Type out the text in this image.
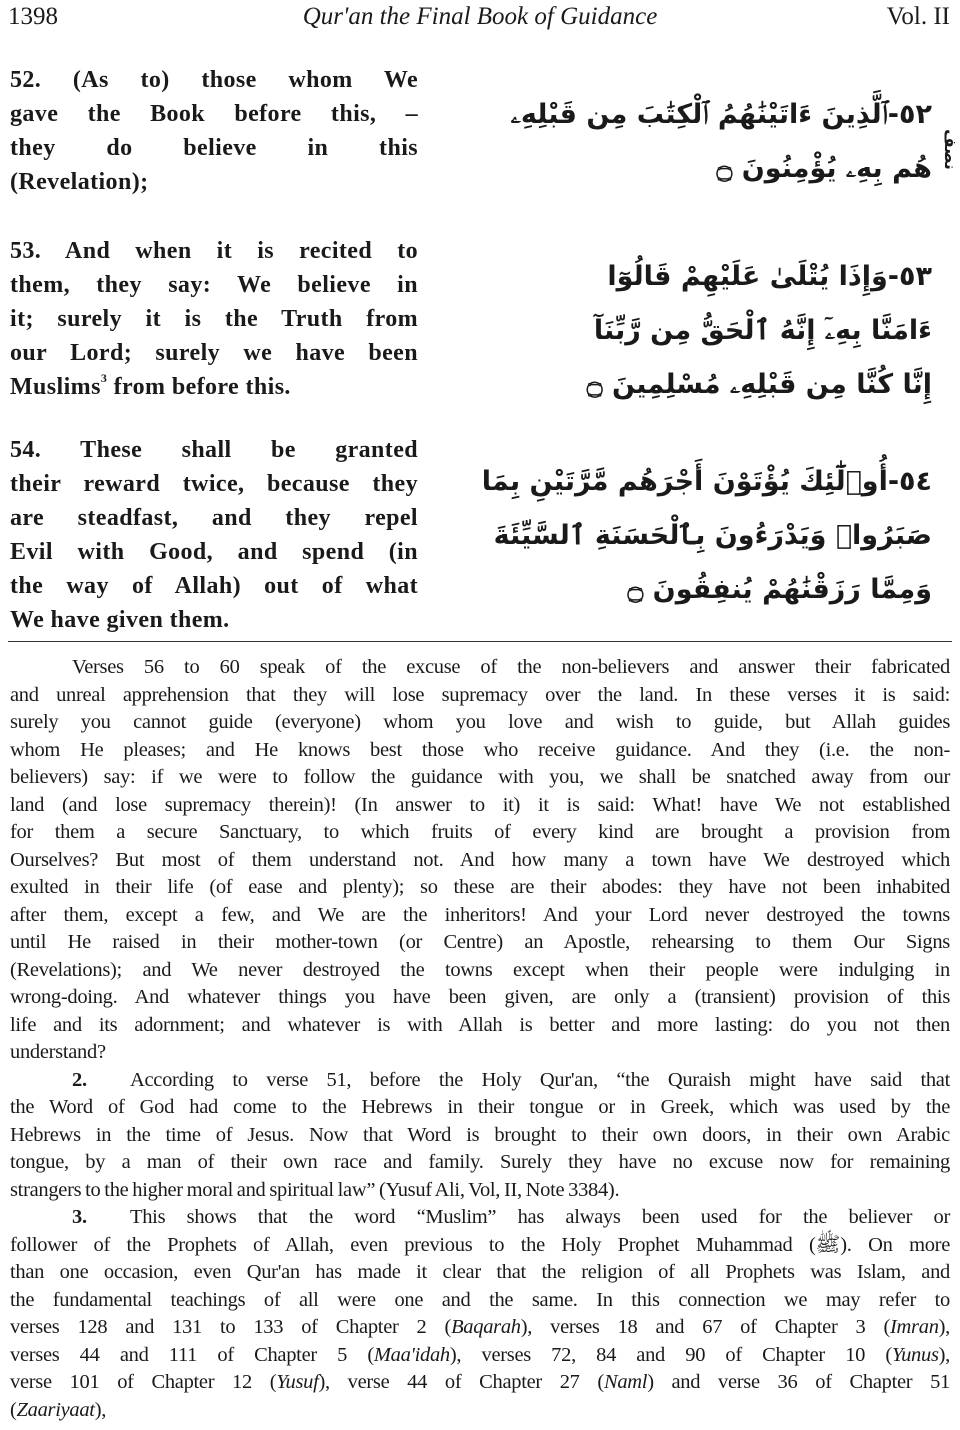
1398	Qur'an the Final Book of Guidance	Vol. II
52. (As to) those whom We
gave the Book before this, –
they do believe in this
(Revelation);
53. And when it is recited to
them, they say: We believe in
it; surely it is the Truth from
our Lord; surely we have been
Muslims$^3$ from before this.
54. These shall be granted
their reward twice, because they
are steadfast, and they repel
Evil with Good, and spend (in
the way of Allah) out of what
We have given them.
٥٢-ٱلَّذِينَ ءَاتَيْنَٰهُمُ ٱلْكِتَٰبَ مِن قَبْلِهِۦ
هُم بِهِۦ يُؤْمِنُونَ ۝
٥٣-وَإِذَا يُتْلَىٰ عَلَيْهِمْ قَالُوٓا
ءَامَنَّا بِهِۦٓ إِنَّهُ ٱلْحَقُّ مِن رَّبِّنَآ
إِنَّا كُنَّا مِن قَبْلِهِۦ مُسْلِمِينَ ۝
٥٤-أُو۟لَٰٓئِكَ يُؤْتَوْنَ أَجْرَهُم مَّرَّتَيْنِ بِمَا
صَبَرُوا۟ وَيَدْرَءُونَ بِٱلْحَسَنَةِ ٱلسَّيِّئَةَ
وَمِمَّا رَزَقْنَٰهُمْ يُنفِقُونَ ۝
نصف
Verses 56 to 60 speak of the excuse of the non-believers and answer their fabricated
and unreal apprehension that they will lose supremacy over the land. In these verses it is said:
surely you cannot guide (everyone) whom you love and wish to guide, but Allah guides
whom He pleases; and He knows best those who receive guidance. And they (i.e. the non-
believers) say: if we were to follow the guidance with you, we shall be snatched away from our
land (and lose supremacy therein)! (In answer to it) it is said: What! have We not established
for them a secure Sanctuary, to which fruits of every kind are brought a provision from
Ourselves? But most of them understand not. And how many a town have We destroyed which
exulted in their life (of ease and plenty); so these are their abodes: they have not been inhabited
after them, except a few, and We are the inheritors! And your Lord never destroyed the towns
until He raised in their mother-town (or Centre) an Apostle, rehearsing to them Our Signs
(Revelations); and We never destroyed the towns except when their people were indulging in
wrong-doing. And whatever things you have been given, are only a (transient) provision of this
life and its adornment; and whatever is with Allah is better and more lasting: do you not then
understand?
2. According to verse 51, before the Holy Qur'an, “the Quraish might have said that
the Word of God had come to the Hebrews in their tongue or in Greek, which was used by the
Hebrews in the time of Jesus. Now that Word is brought to their own doors, in their own Arabic
tongue, by a man of their own race and family. Surely they have no excuse now for remaining
strangers to the higher moral and spiritual law” (Yusuf Ali, Vol, II, Note 3384).
3. This shows that the word “Muslim” has always been used for the believer or
follower of the Prophets of Allah, even previous to the Holy Prophet Muhammad (ﷺ). On more
than one occasion, even Qur'an has made it clear that the religion of all Prophets was Islam, and
the fundamental teachings of all were one and the same. In this connection we may refer to
verses 128 and 131 to 133 of Chapter 2 (Baqarah), verses 18 and 67 of Chapter 3 (Imran),
verses 44 and 111 of Chapter 5 (Maa'idah), verses 72, 84 and 90 of Chapter 10 (Yunus),
verse 101 of Chapter 12 (Yusuf), verse 44 of Chapter 27 (Naml) and verse 36 of Chapter 51
(Zaariyaat),
